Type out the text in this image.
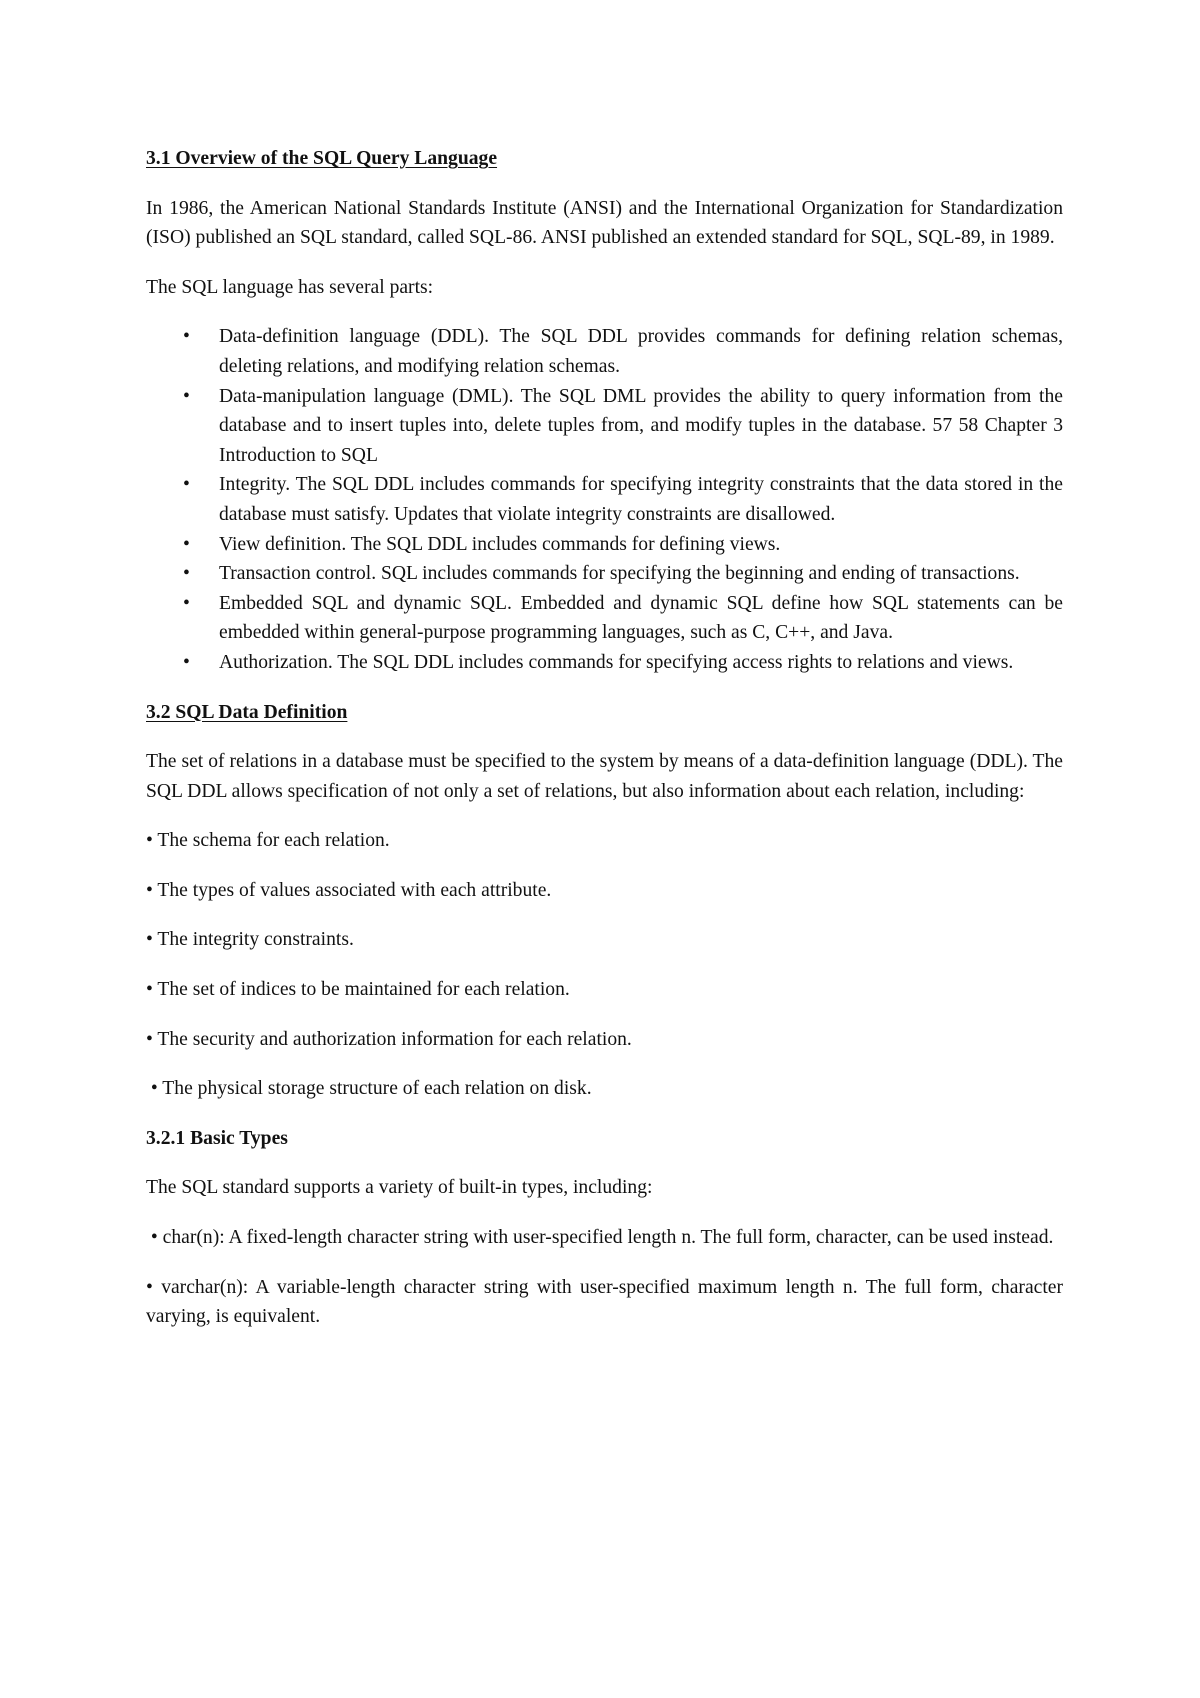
3.1 Overview of the SQL Query Language

In 1986, the American National Standards Institute (ANSI) and the International Organization for Standardization (ISO) published an SQL standard, called SQL-86. ANSI published an extended standard for SQL, SQL-89, in 1989.

The SQL language has several parts:

• Data-definition language (DDL). The SQL DDL provides commands for defining relation schemas, deleting relations, and modifying relation schemas.
• Data-manipulation language (DML). The SQL DML provides the ability to query information from the database and to insert tuples into, delete tuples from, and modify tuples in the database. 57 58 Chapter 3 Introduction to SQL
• Integrity. The SQL DDL includes commands for specifying integrity constraints that the data stored in the database must satisfy. Updates that violate integrity constraints are disallowed.
• View definition. The SQL DDL includes commands for defining views.
• Transaction control. SQL includes commands for specifying the beginning and ending of transactions.
• Embedded SQL and dynamic SQL. Embedded and dynamic SQL define how SQL statements can be embedded within general-purpose programming languages, such as C, C++, and Java.
• Authorization. The SQL DDL includes commands for specifying access rights to relations and views.
3.2 SQL Data Definition

The set of relations in a database must be specified to the system by means of a data-definition language (DDL). The SQL DDL allows specification of not only a set of relations, but also information about each relation, including:

• The schema for each relation.

• The types of values associated with each attribute.

• The integrity constraints.

• The set of indices to be maintained for each relation.

• The security and authorization information for each relation.

• The physical storage structure of each relation on disk.

3.2.1 Basic Types

The SQL standard supports a variety of built-in types, including:

• char(n): A fixed-length character string with user-specified length n. The full form, character, can be used instead.

• varchar(n): A variable-length character string with user-specified maximum length n. The full form, character varying, is equivalent.
